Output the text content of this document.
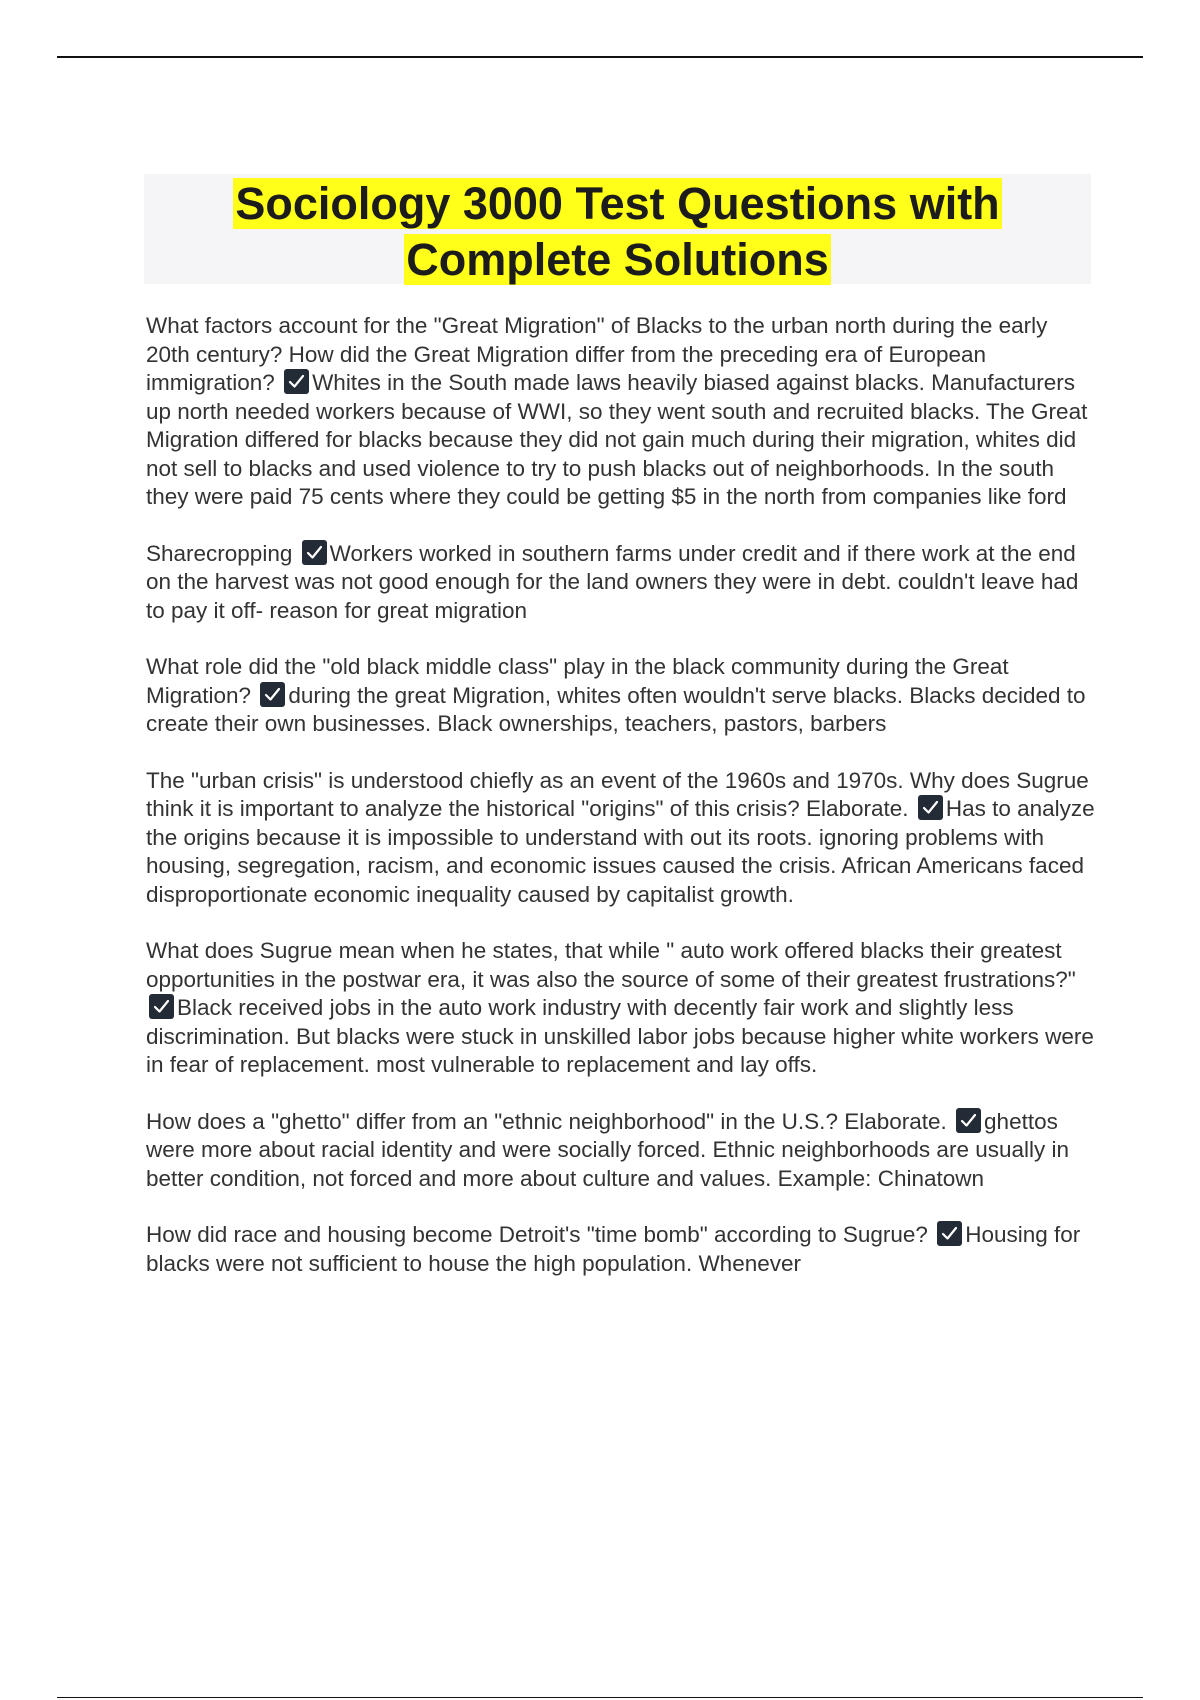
Sociology 3000 Test Questions with
Complete Solutions

What factors account for the "Great Migration" of Blacks to the urban north during the early 20th century? How did the Great Migration differ from the preceding era of European immigration? Whites in the South made laws heavily biased against blacks. Manufacturers up north needed workers because of WWI, so they went south and recruited blacks. The Great Migration differed for blacks because they did not gain much during their migration, whites did not sell to blacks and used violence to try to push blacks out of neighborhoods. In the south they were paid 75 cents where they could be getting $5 in the north from companies like ford

Sharecropping Workers worked in southern farms under credit and if there work at the end on the harvest was not good enough for the land owners they were in debt. couldn't leave had to pay it off- reason for great migration

What role did the "old black middle class" play in the black community during the Great Migration? during the great Migration, whites often wouldn't serve blacks. Blacks decided to create their own businesses. Black ownerships, teachers, pastors, barbers

The "urban crisis" is understood chiefly as an event of the 1960s and 1970s. Why does Sugrue think it is important to analyze the historical "origins" of this crisis? Elaborate. Has to analyze the origins because it is impossible to understand with out its roots. ignoring problems with housing, segregation, racism, and economic issues caused the crisis. African Americans faced disproportionate economic inequality caused by capitalist growth.

What does Sugrue mean when he states, that while " auto work offered blacks their greatest opportunities in the postwar era, it was also the source of some of their greatest frustrations?"
Black received jobs in the auto work industry with decently fair work and slightly less discrimination. But blacks were stuck in unskilled labor jobs because higher white workers were in fear of replacement. most vulnerable to replacement and lay offs.

How does a "ghetto" differ from an "ethnic neighborhood" in the U.S.? Elaborate. ghettos were more about racial identity and were socially forced. Ethnic neighborhoods are usually in better condition, not forced and more about culture and values. Example: Chinatown

How did race and housing become Detroit's "time bomb" according to Sugrue? Housing for blacks were not sufficient to house the high population. Whenever
